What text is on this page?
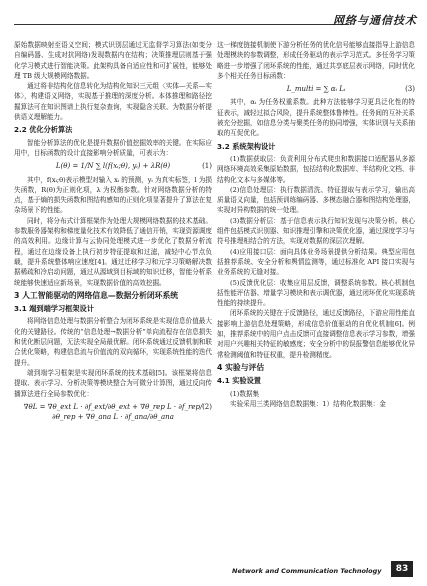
网络与通信技术

原始数据映射至语义空间；模式识别层通过无监督学习算法(如变分自编码器、生成对抗网络)发现数据内在结构；决策推理层则基于强化学习模式进行智能决策。此架构具备自适应性和可扩展性，能够处理 TB 级大规模网络数据。

通过将非结构化信息转化为结构化知识三元组〈实体—关系—实体〉，构建语义网络，实现基于推理的深度分析。本体推理和路径挖掘算法可在知识图谱上执行复杂查询，实现隐含关联、为数据分析提供语义理解能力。

2.2 优化分析算法

智能分析算法的优化是提升数据价值挖掘效率的关键。在实际应用中，目标函数的设计直接影响分析质量，可表示为：

L(θ) = 1/N ∑ l(f(xᵢ;θ), yᵢ) + λR(θ)	(1)

其中，f(xᵢ;θ)表示模型对输入 xᵢ 的预测，yᵢ 为真实标签，l 为损失函数，R(θ)为正则化项，λ 为权衡参数。针对网络数据分析的特点，基于熵的损失函数和图结构感知的正则化项显著提升了算法在复杂场景下的性能。

同时，将分布式计算框架作为处理大规模网络数据的技术基础。参数服务器架构和梯度量化技术有效降低了通信开销，实现资源调度的高效利用。边缘计算与云协同处理模式进一步优化了数据分析流程，通过在边缘设备上执行初步特征提取和过滤，减轻中心节点负载，提升系统整体响应速度[4]。通过迁移学习和元学习策略解决数据稀疏和冷启动问题，通过从源域到目标域的知识迁移，智能分析系统能够快速适应新场景，实现数据价值的高效挖掘。

3 人工智能驱动的网络信息—数据分析闭环系统
3.1 端到端学习框架设计

将网络信息处理与数据分析整合为闭环系统是实现信息价值最大化的关键路径。传统的“信息处理→数据分析”单向流程存在信息损失和优化断层问题，无法实现全局最优解。闭环系统通过反馈机制和联合优化策略，构建信息流与价值流的双向循环，实现系统性能的迭代提升。

端到端学习框架是实现闭环系统的技术基础[5]。该框架将信息提取、表示学习、分析决策等模块整合为可微分计算图，通过反向传播算法进行全局参数优化：

∇θL = ∇θ_ext L · ∂f_ext/∂θ_ext + ∇θ_rep L · ∂f_rep/∂θ_rep + ∇θ_ana L · ∂f_ana/∂θ_ana
(2)

这一梯度链接机制使下游分析任务的优化信号能够直接指导上游信息处理模块的参数调整，形成任务驱动的表示学习范式。多任务学习策略进一步增强了闭环系统的性能，通过共享底层表示网络，同时优化多个相关任务目标函数：

L_multi = ∑ αᵢ Lᵢ	(3)

其中，αᵢ 为任务权重系数。此种方法能够学习更具泛化性的特征表示，减轻过拟合风险，提升系统整体鲁棒性。任务间的互补关系被充分挖掘，如信息分类与聚类任务的协同增强，实体识别与关系抽取的互促优化。

3.2 系统架构设计

(1)数据获取层：负责利用分布式爬虫和数据接口适配器从多源网络环境高效采集原始数据，包括结构化数据库、半结构化文档、非结构化文本与多媒体等。

(2)信息处理层：执行数据清洗、特征提取与表示学习，输出高质量语义向量，包括预训练编码器、多模态融合器和图结构处理器，实现对异构数据的统一处理。

(3)数据分析层：基于信息表示执行知识发现与决策分析。核心组件包括模式识别器、知识推理引擎和决策优化器，通过深度学习与符号推理相结合的方法，实现对数据的深层次理解。

(4)应用接口层：面向具体业务场景提供分析结果。典型应用包括推荐系统、安全分析和舆情监测等，通过标准化 API 接口实现与业务系统的无缝对接。

(5)反馈优化层：收集应用层反馈，调整系统参数。核心机制包括性能评估器、增量学习模块和表示调优器，通过闭环优化实现系统性能的持续提升。

闭环系统的关键在于反馈路径，通过反馈路径，下游应用性能直接影响上游信息处理策略，形成信息价值驱动的自优化机制[6]。例如，推荐系统中的用户点击反馈可直接调整信息表示学习参数，增强对用户兴趣相关特征的敏感度；安全分析中的误报警信息能够优化异常检测阈值和特征权重，提升检测精度。

4 实验与评估
4.1 实验设置

(1)数据集

实验采用三类网络信息数据集：1）结构化数据集：金

Network and Communication Technology	83
